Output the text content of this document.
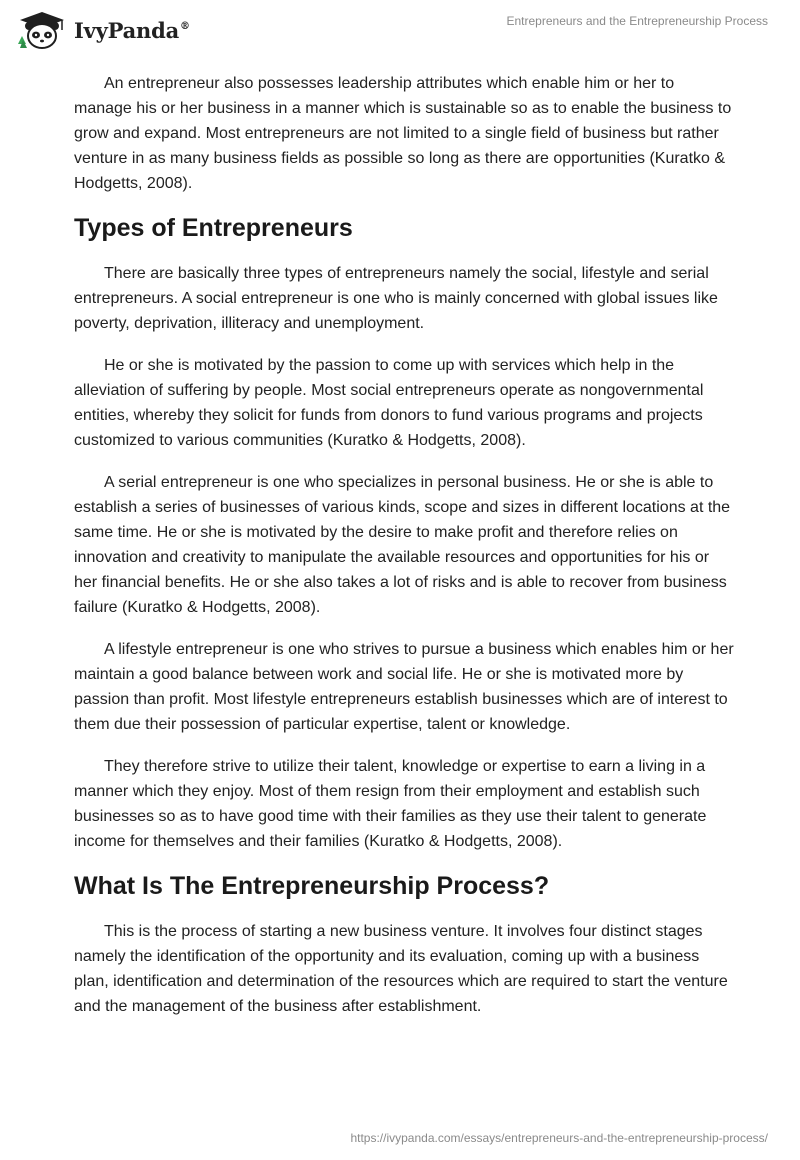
IvyPanda®	Entrepreneurs and the Entrepreneurship Process

An entrepreneur also possesses leadership attributes which enable him or her to manage his or her business in a manner which is sustainable so as to enable the business to grow and expand. Most entrepreneurs are not limited to a single field of business but rather venture in as many business fields as possible so long as there are opportunities (Kuratko & Hodgetts, 2008).

Types of Entrepreneurs

There are basically three types of entrepreneurs namely the social, lifestyle and serial entrepreneurs. A social entrepreneur is one who is mainly concerned with global issues like poverty, deprivation, illiteracy and unemployment.

He or she is motivated by the passion to come up with services which help in the alleviation of suffering by people. Most social entrepreneurs operate as nongovernmental entities, whereby they solicit for funds from donors to fund various programs and projects customized to various communities (Kuratko & Hodgetts, 2008).

A serial entrepreneur is one who specializes in personal business. He or she is able to establish a series of businesses of various kinds, scope and sizes in different locations at the same time. He or she is motivated by the desire to make profit and therefore relies on innovation and creativity to manipulate the available resources and opportunities for his or her financial benefits. He or she also takes a lot of risks and is able to recover from business failure (Kuratko & Hodgetts, 2008).

A lifestyle entrepreneur is one who strives to pursue a business which enables him or her maintain a good balance between work and social life. He or she is motivated more by passion than profit. Most lifestyle entrepreneurs establish businesses which are of interest to them due their possession of particular expertise, talent or knowledge.

They therefore strive to utilize their talent, knowledge or expertise to earn a living in a manner which they enjoy. Most of them resign from their employment and establish such businesses so as to have good time with their families as they use their talent to generate income for themselves and their families (Kuratko & Hodgetts, 2008).

What Is The Entrepreneurship Process?

This is the process of starting a new business venture. It involves four distinct stages namely the identification of the opportunity and its evaluation, coming up with a business plan, identification and determination of the resources which are required to start the venture and the management of the business after establishment.

https://ivypanda.com/essays/entrepreneurs-and-the-entrepreneurship-process/
